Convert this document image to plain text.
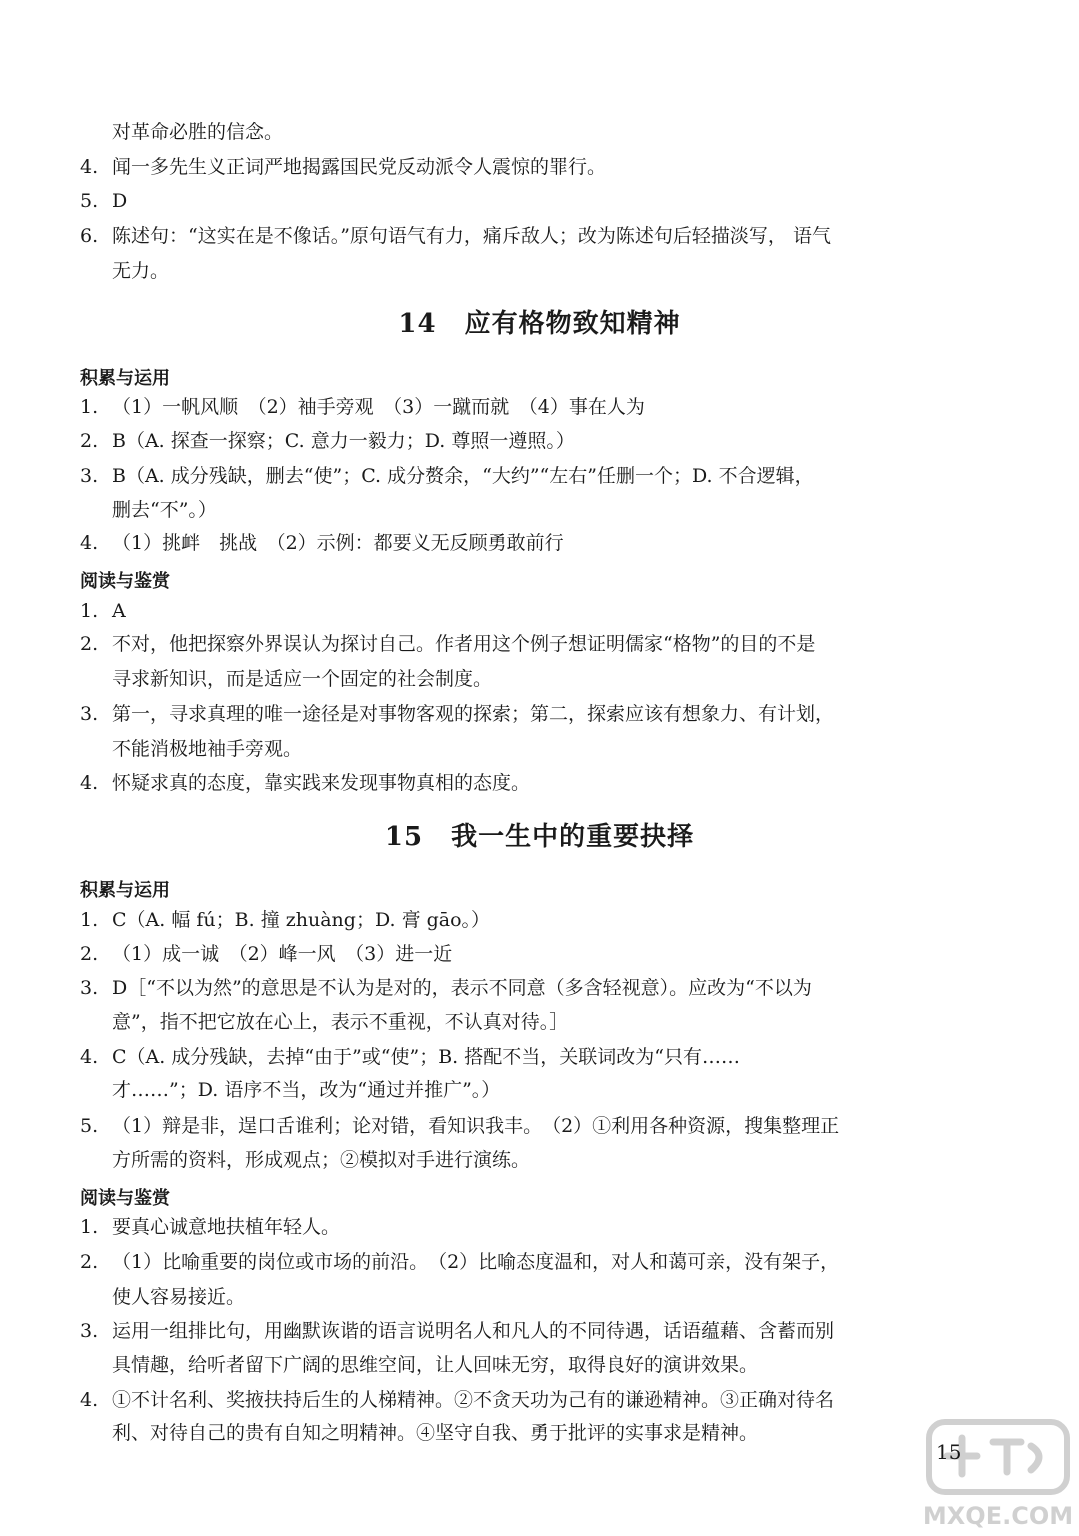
对革命必胜的信念。
4. 闻一多先生义正词严地揭露国民党反动派令人震惊的罪行。
5. D
6. 陈述句：“这实在是不像话。”原句语气有力，痛斥敌人；改为陈述句后轻描淡写， 语气
无力。
14 应有格物致知精神
积累与运用
1. （1）一帆风顺　（2）袖手旁观　（3）一蹴而就　（4）事在人为
2. B（A. 探查一探察；C. 意力一毅力；D. 尊照一遵照。）
3. B（A. 成分残缺，删去“使”；C. 成分赘余，“大约”“左右”任删一个；D. 不合逻辑，
删去“不”。）
4. （1）挑衅　挑战　（2）示例：都要义无反顾勇敢前行
阅读与鉴赏
1. A
2. 不对，他把探察外界误认为探讨自己。作者用这个例子想证明儒家“格物”的目的不是
寻求新知识，而是适应一个固定的社会制度。
3. 第一，寻求真理的唯一途径是对事物客观的探索；第二，探索应该有想象力、有计划，
不能消极地袖手旁观。
4. 怀疑求真的态度，靠实践来发现事物真相的态度。
15 我一生中的重要抉择
积累与运用
1. C（A. 幅 fú；B. 撞 zhuàng；D. 膏 gāo。）
2. （1）成一诚　（2）峰一风　（3）进一近
3. D［“不以为然”的意思是不认为是对的，表示不同意（多含轻视意）。应改为“不以为
意”，指不把它放在心上，表示不重视，不认真对待。］
4. C（A. 成分残缺，去掉“由于”或“使”；B. 搭配不当，关联词改为“只有……
才……”；D. 语序不当，改为“通过并推广”。）
5. （1）辩是非，逞口舌谁利；论对错，看知识我丰。　（2）①利用各种资源，搜集整理正
方所需的资料，形成观点；②模拟对手进行演练。
阅读与鉴赏
1. 要真心诚意地扶植年轻人。
2. （1）比喻重要的岗位或市场的前沿。　（2）比喻态度温和，对人和蔼可亲，没有架子，
使人容易接近。
3. 运用一组排比句，用幽默诙谐的语言说明名人和凡人的不同待遇，话语蕴藉、含蓄而别
具情趣，给听者留下广阔的思维空间，让人回味无穷，取得良好的演讲效果。
4. ①不计名利、奖掖扶持后生的人梯精神。②不贪天功为己有的谦逊精神。③正确对待名
利、对待自己的贵有自知之明精神。④坚守自我、勇于批评的实事求是精神。
15
MXQE.COM
